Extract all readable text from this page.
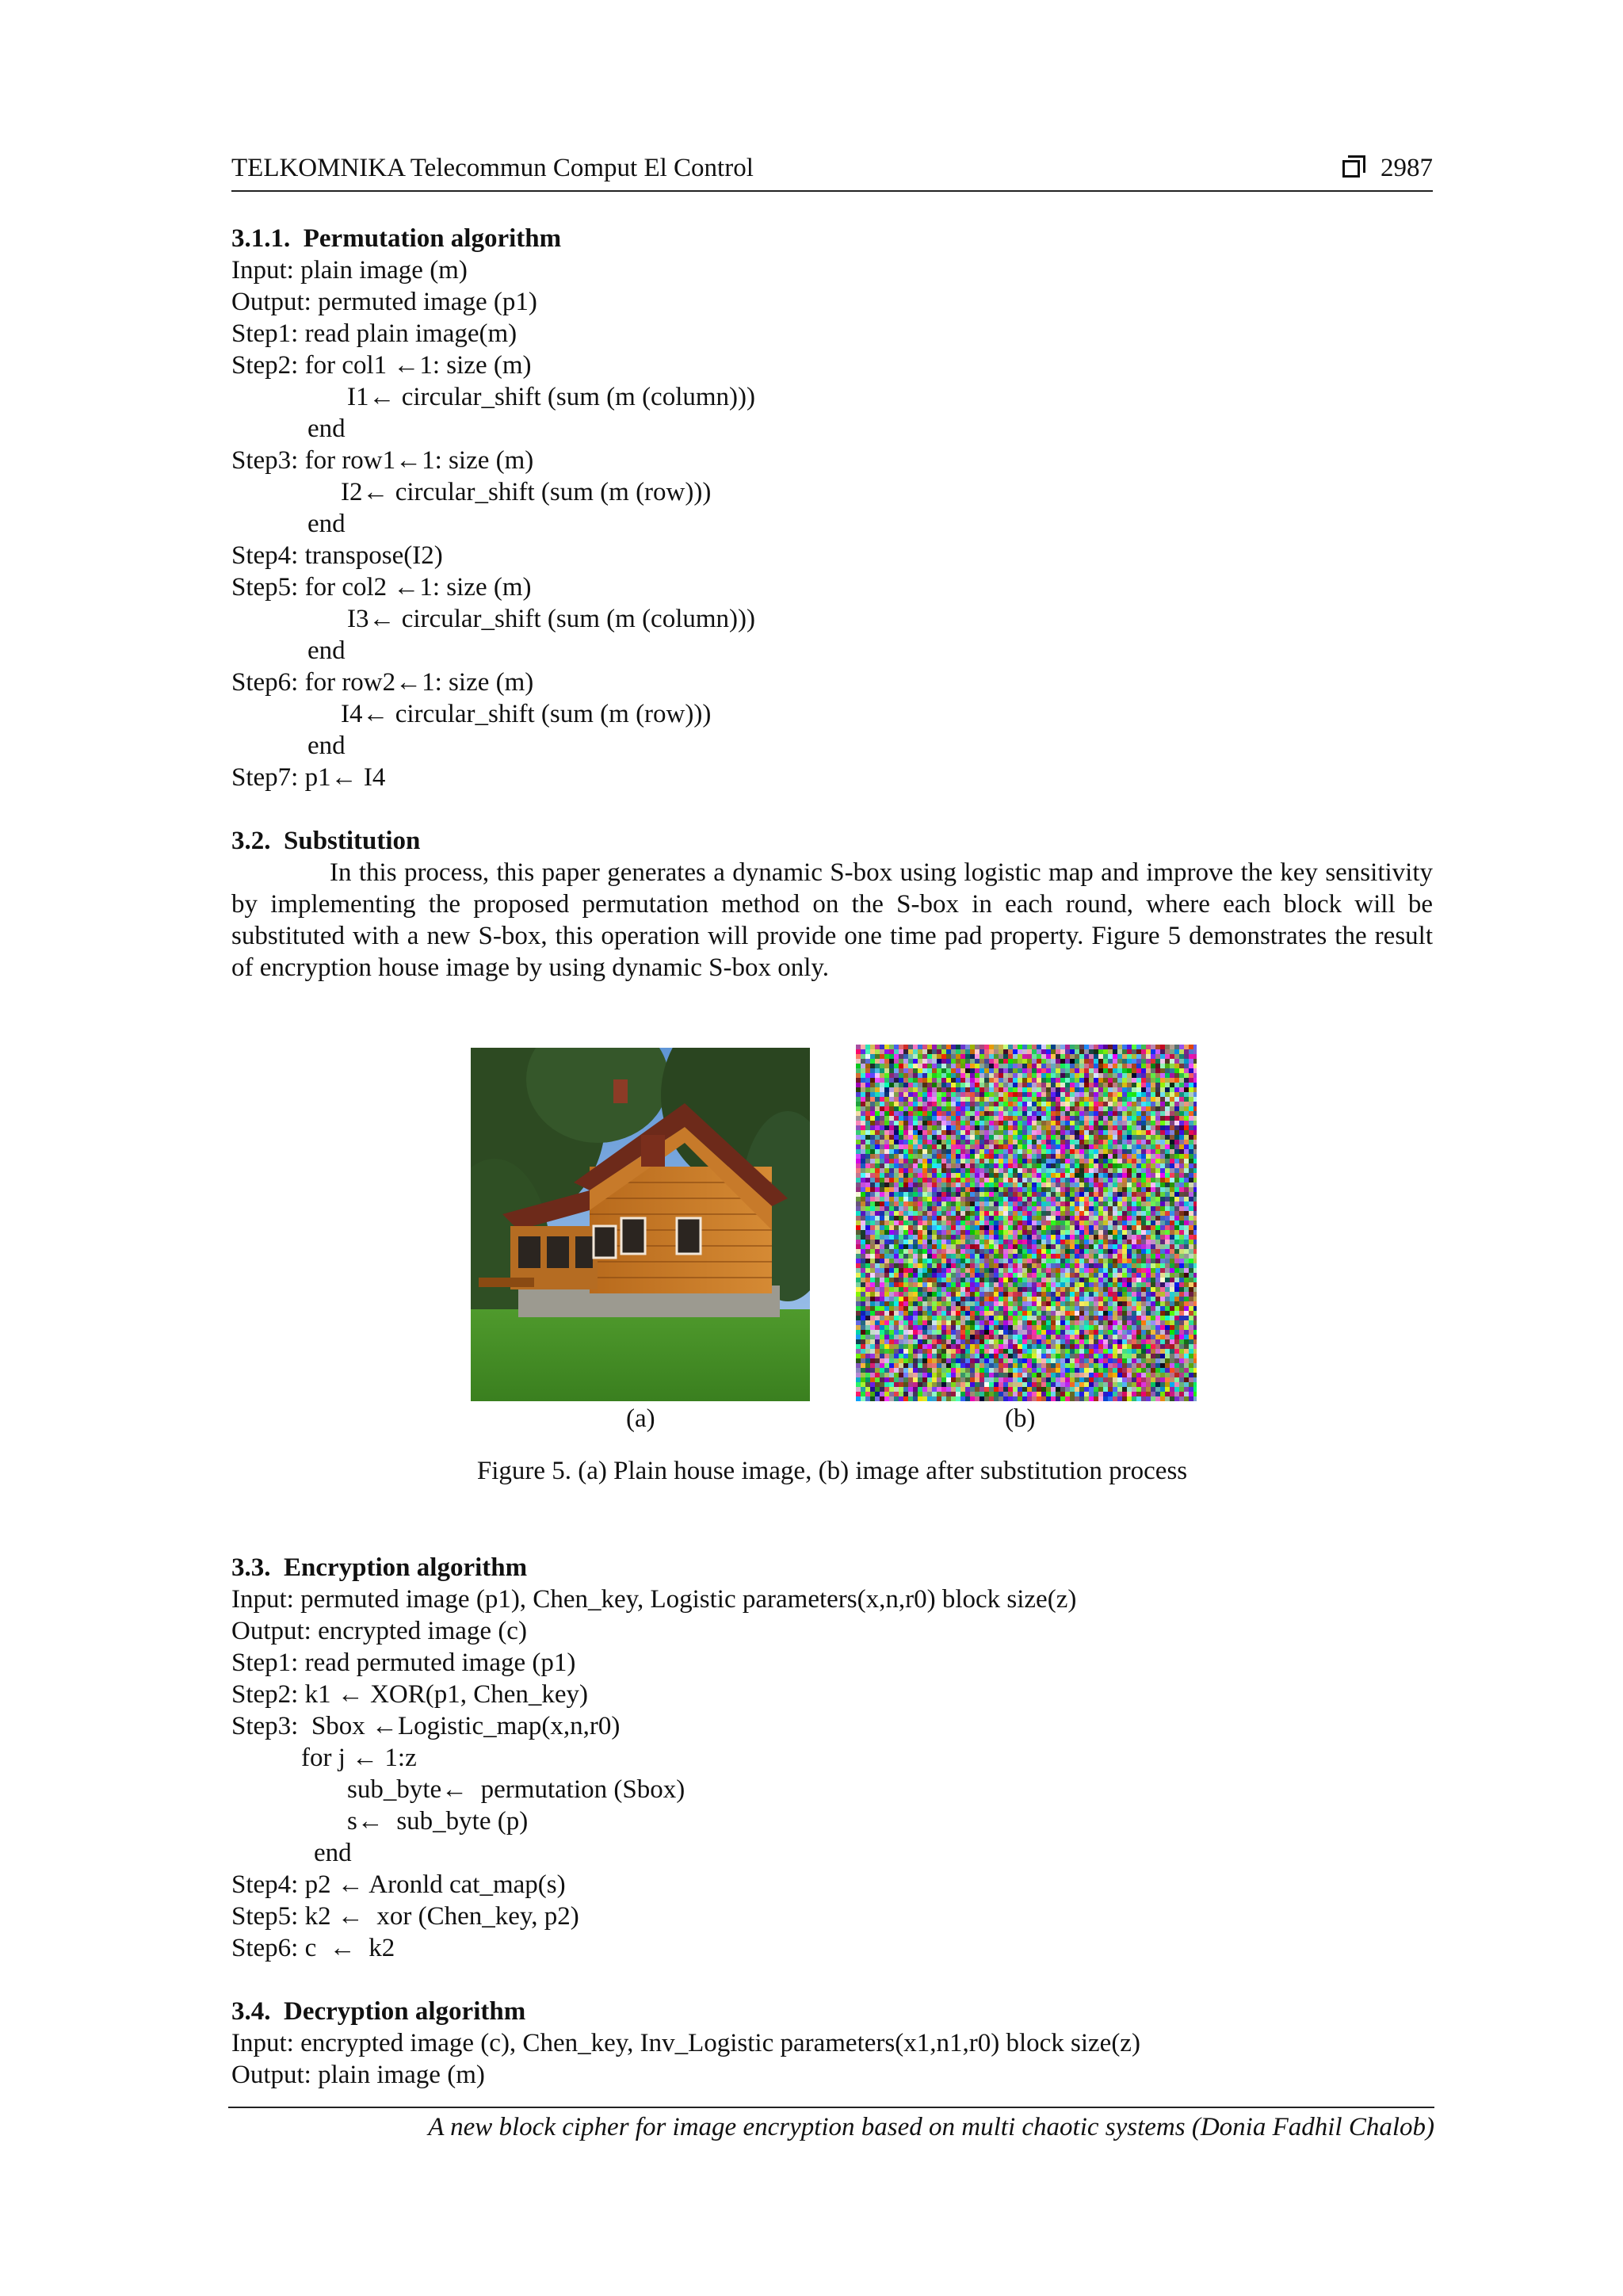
TELKOMNIKA Telecommun Comput El Control	2987
3.1.1.  Permutation algorithm
Input: plain image (m)
Output: permuted image (p1)
Step1: read plain image(m)
Step2: for col1 ←1: size (m)
I1← circular_shift (sum (m (column)))
end
Step3: for row1←1: size (m)
I2← circular_shift (sum (m (row)))
end
Step4: transpose(I2)
Step5: for col2 ←1: size (m)
I3← circular_shift (sum (m (column)))
end
Step6: for row2←1: size (m)
I4← circular_shift (sum (m (row)))
end
Step7: p1← I4
3.2.  Substitution

In this process, this paper generates a dynamic S-box using logistic map and improve the key sensitivity by implementing the proposed permutation method on the S-box in each round, where each block will be substituted with a new S-box, this operation will provide one time pad property. Figure 5 demonstrates the result of encryption house image by using dynamic S-box only.

(a)	(b)
Figure 5. (a) Plain house image, (b) image after substitution process
3.3.  Encryption algorithm
Input: permuted image (p1), Chen_key, Logistic parameters(x,n,r0) block size(z)
Output: encrypted image (c)
Step1: read permuted image (p1)
Step2: k1 ← XOR(p1, Chen_key)
Step3:  Sbox ←Logistic_map(x,n,r0)
for j ← 1:z
sub_byte←  permutation (Sbox)
s←  sub_byte (p)
end
Step4: p2 ← Aronld cat_map(s)
Step5: k2 ←  xor (Chen_key, p2)
Step6: c  ←  k2
3.4.  Decryption algorithm
Input: encrypted image (c), Chen_key, Inv_Logistic parameters(x1,n1,r0) block size(z)
Output: plain image (m)
A new block cipher for image encryption based on multi chaotic systems (Donia Fadhil Chalob)
